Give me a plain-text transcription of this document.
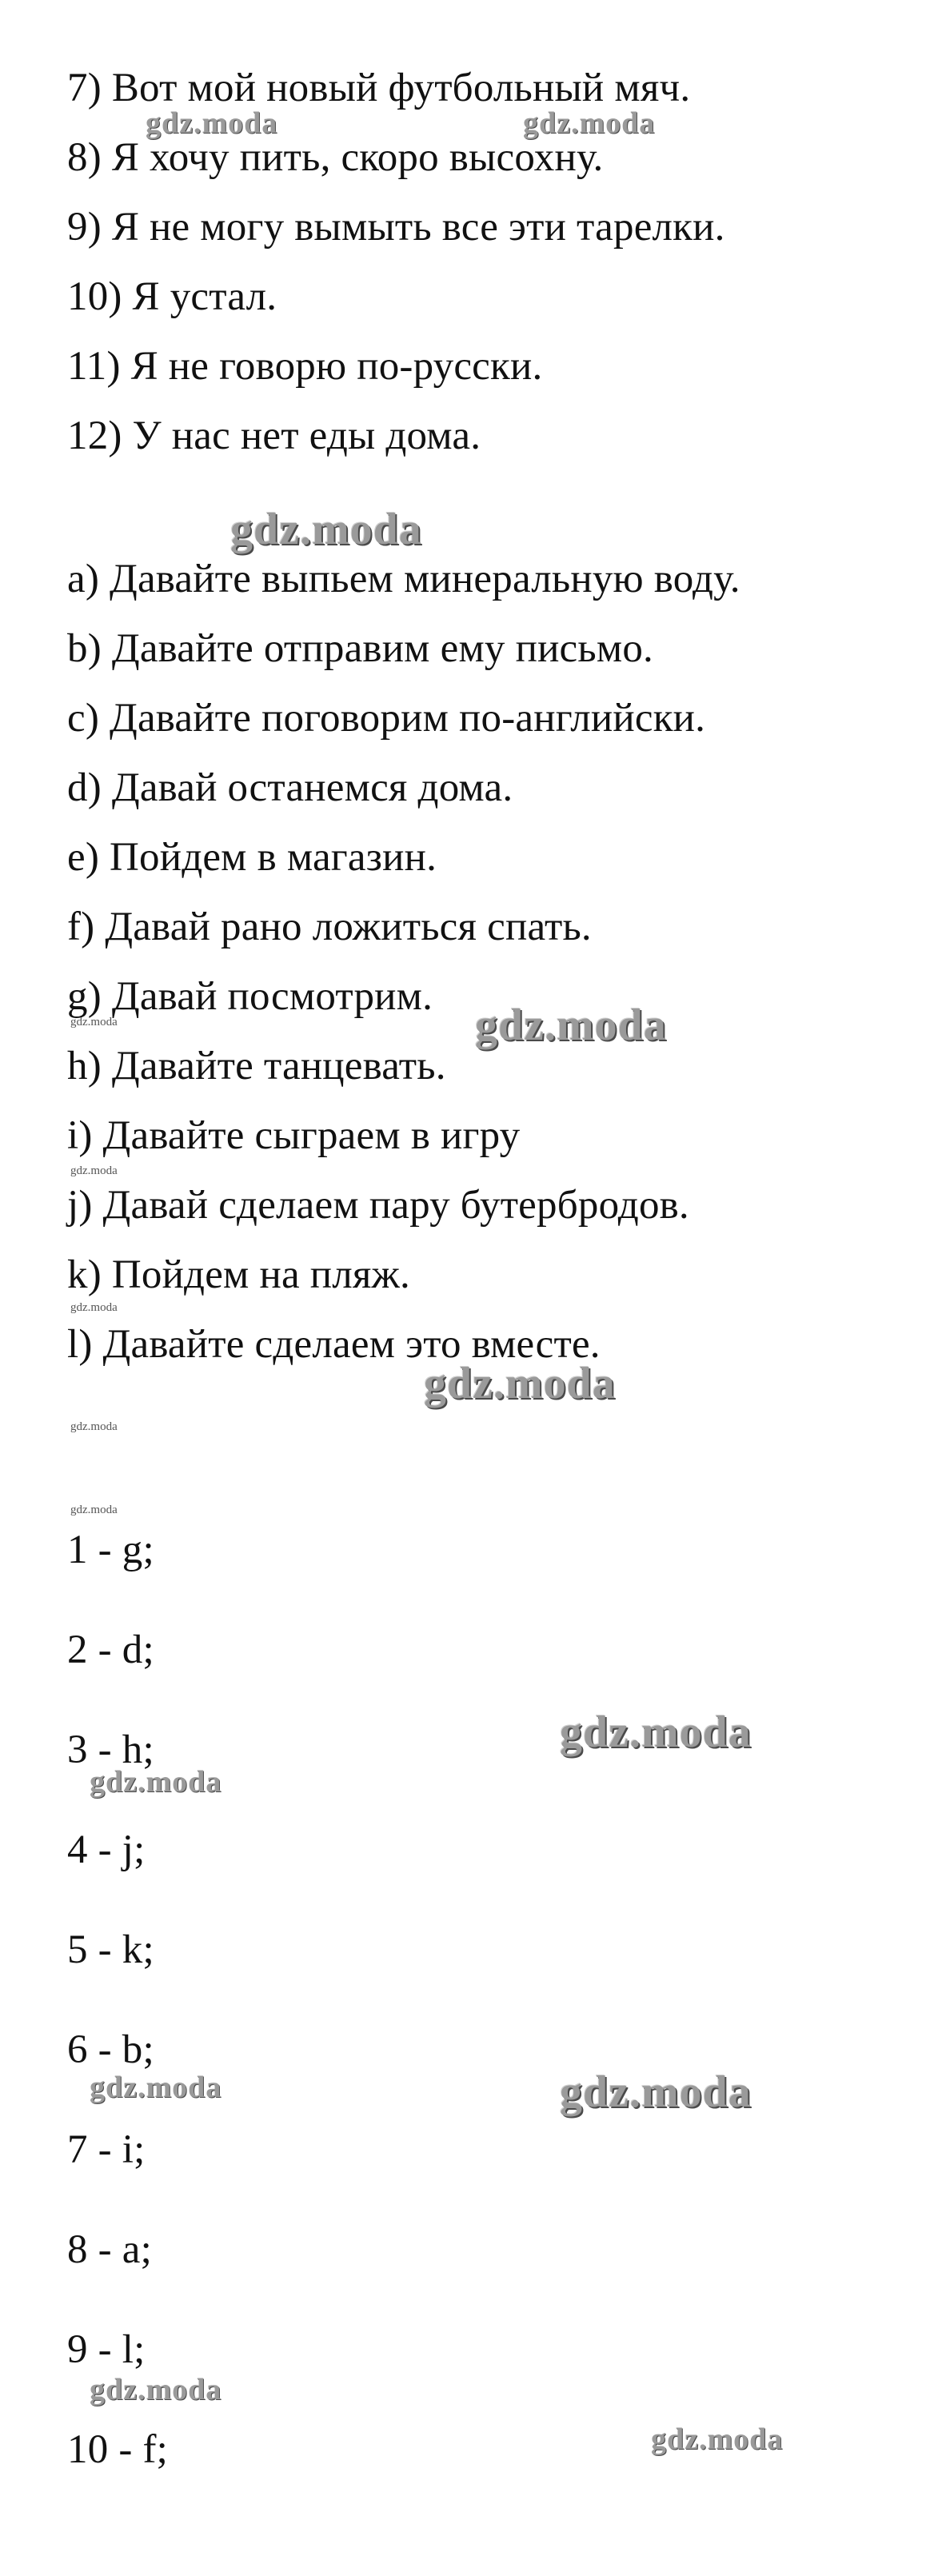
7) Вот мой новый футбольный мяч.
8) Я хочу пить, скоро высохну.
9) Я не могу вымыть все эти тарелки.
10) Я устал.
11) Я не говорю по-русски.
12) У нас нет еды дома.
a) Давайте выпьем минеральную воду.
b) Давайте отправим ему письмо.
c) Давайте поговорим по-английски.
d) Давай останемся дома.
e) Пойдем в магазин.
f) Давай рано ложиться спать.
g) Давай посмотрим.
h) Давайте танцевать.
i) Давайте сыграем в игру
j) Давай сделаем пару бутербродов.
k) Пойдем на пляж.
l) Давайте сделаем это вместе.
1 - g;
2 - d;
3 - h;
4 - j;
5 - k;
6 - b;
7 - i;
8 - a;
9 - l;
10 - f;
gdz.moda	gdz.moda
gdz.moda
gdz.moda	gdz.moda
gdz.moda
gdz.moda
gdz.moda
gdz.moda
gdz.moda
gdz.moda
gdz.moda
gdz.moda	gdz.moda
gdz.moda
gdz.moda
